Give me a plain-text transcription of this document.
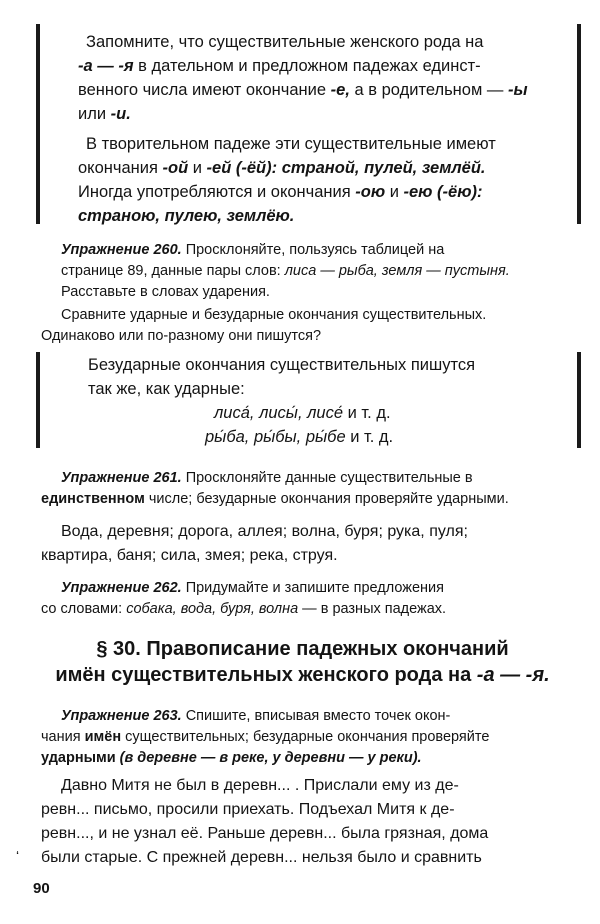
Запомните, что существительные женского рода на

-а — -я в дательном и предложном падежах единст-

венного числа имеют окончание -е, а в родительном — -ы

или -и.

В творительном падеже эти существительные имеют

окончания -ой и -ей (-ёй): страной, пулей, землёй.

Иногда употребляются и окончания -ою и -ею (-ёю):

страною, пулею, землёю.

Упражнение 260. Просклоняйте, пользуясь таблицей на

странице 89, данные пары слов: лиса — рыба, земля — пустыня.

Расставьте в словах ударения.

Сравните ударные и безударные окончания существительных.

Одинаково или по-разному они пишутся?

Безударные окончания существительных пишутся

так же, как ударные:

лиса́, лисы́, лисе́ и т. д.

ры́ба, ры́бы, ры́бе и т. д.

Упражнение 261. Просклоняйте данные существительные в

единственном числе; безударные окончания проверяйте ударными.

Вода, деревня; дорога, аллея; волна, буря; рука, пуля;

квартира, баня; сила, змея; река, струя.

Упражнение 262. Придумайте и запишите предложения

со словами: собака, вода, буря, волна — в разных падежах.

§ 30. Правописание падежных окончаний

имён существительных женского рода на -а — -я.

Упражнение 263. Спишите, вписывая вместо точек окон-

чания имён существительных; безударные окончания проверяйте

ударными (в деревне — в реке, у деревни — у реки).

Давно Митя не был в деревн... . Прислали ему из де-

ревн... письмо, просили приехать. Подъехал Митя к де-

ревн..., и не узнал её. Раньше деревн... была грязная, дома

были старые. С прежней деревн... нельзя было и сравнить

ʻ
90
